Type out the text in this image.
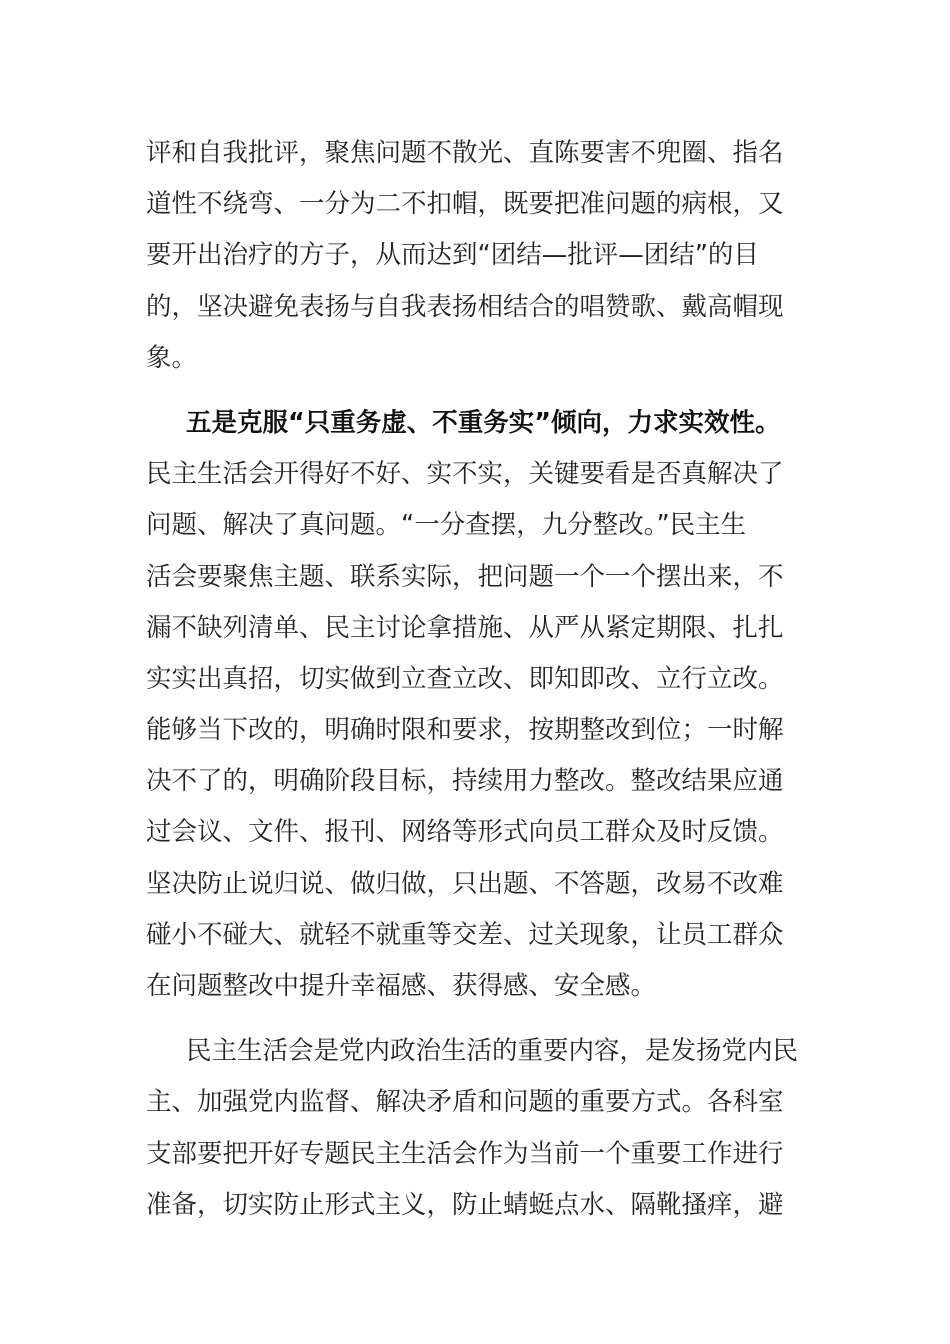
评和自我批评，聚焦问题不散光、直陈要害不兜圈、指名
道性不绕弯、一分为二不扣帽，既要把准问题的病根，又
要开出治疗的方子，从而达到“团结—批评—团结”的目
的，坚决避免表扬与自我表扬相结合的唱赞歌、戴高帽现
象。
五是克服“只重务虚、不重务实”倾向，力求实效性。
民主生活会开得好不好、实不实，关键要看是否真解决了
问题、解决了真问题。“一分查摆，九分整改。”民主生
活会要聚焦主题、联系实际，把问题一个一个摆出来，不
漏不缺列清单、民主讨论拿措施、从严从紧定期限、扎扎
实实出真招，切实做到立查立改、即知即改、立行立改。
能够当下改的，明确时限和要求，按期整改到位；一时解
决不了的，明确阶段目标，持续用力整改。整改结果应通
过会议、文件、报刊、网络等形式向员工群众及时反馈。
坚决防止说归说、做归做，只出题、不答题，改易不改难
碰小不碰大、就轻不就重等交差、过关现象，让员工群众
在问题整改中提升幸福感、获得感、安全感。
民主生活会是党内政治生活的重要内容，是发扬党内民
主、加强党内监督、解决矛盾和问题的重要方式。各科室
支部要把开好专题民主生活会作为当前一个重要工作进行
准备，切实防止形式主义，防止蜻蜓点水、隔靴搔痒，避
